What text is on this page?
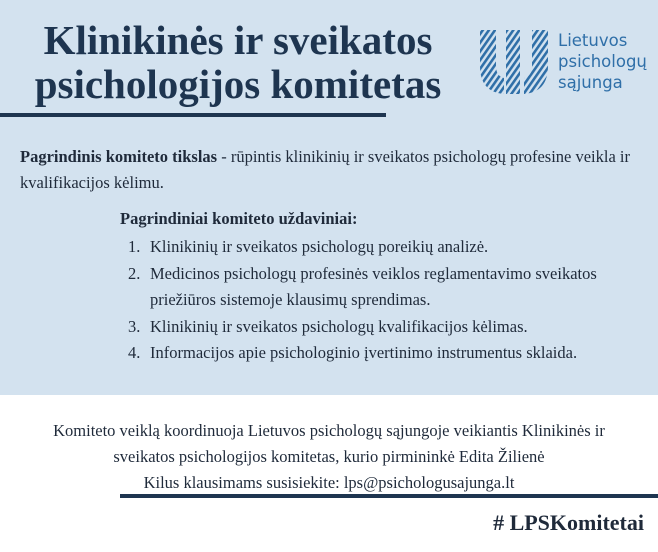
Klinikinės ir sveikatos
psichologijos komitetas
Lietuvos
psichologų
sąjunga
Pagrindinis komiteto tikslas - rūpintis klinikinių ir sveikatos psichologų profesine veikla ir kvalifikacijos kėlimu.
Pagrindiniai komiteto uždaviniai:
1. Klinikinių ir sveikatos psichologų poreikių analizė.
2. Medicinos psichologų profesinės veiklos reglamentavimo sveikatos priežiūros sistemoje klausimų sprendimas.
3. Klinikinių ir sveikatos psichologų kvalifikacijos kėlimas.
4. Informacijos apie psichologinio įvertinimo instrumentus sklaida.
Komiteto veiklą koordinuoja Lietuvos psichologų sąjungoje veikiantis Klinikinės ir
sveikatos psichologijos komitetas, kurio pirmininkė Edita Žilienė
Kilus klausimams susisiekite: lps@psichologusajunga.lt
# LPSKomitetai
